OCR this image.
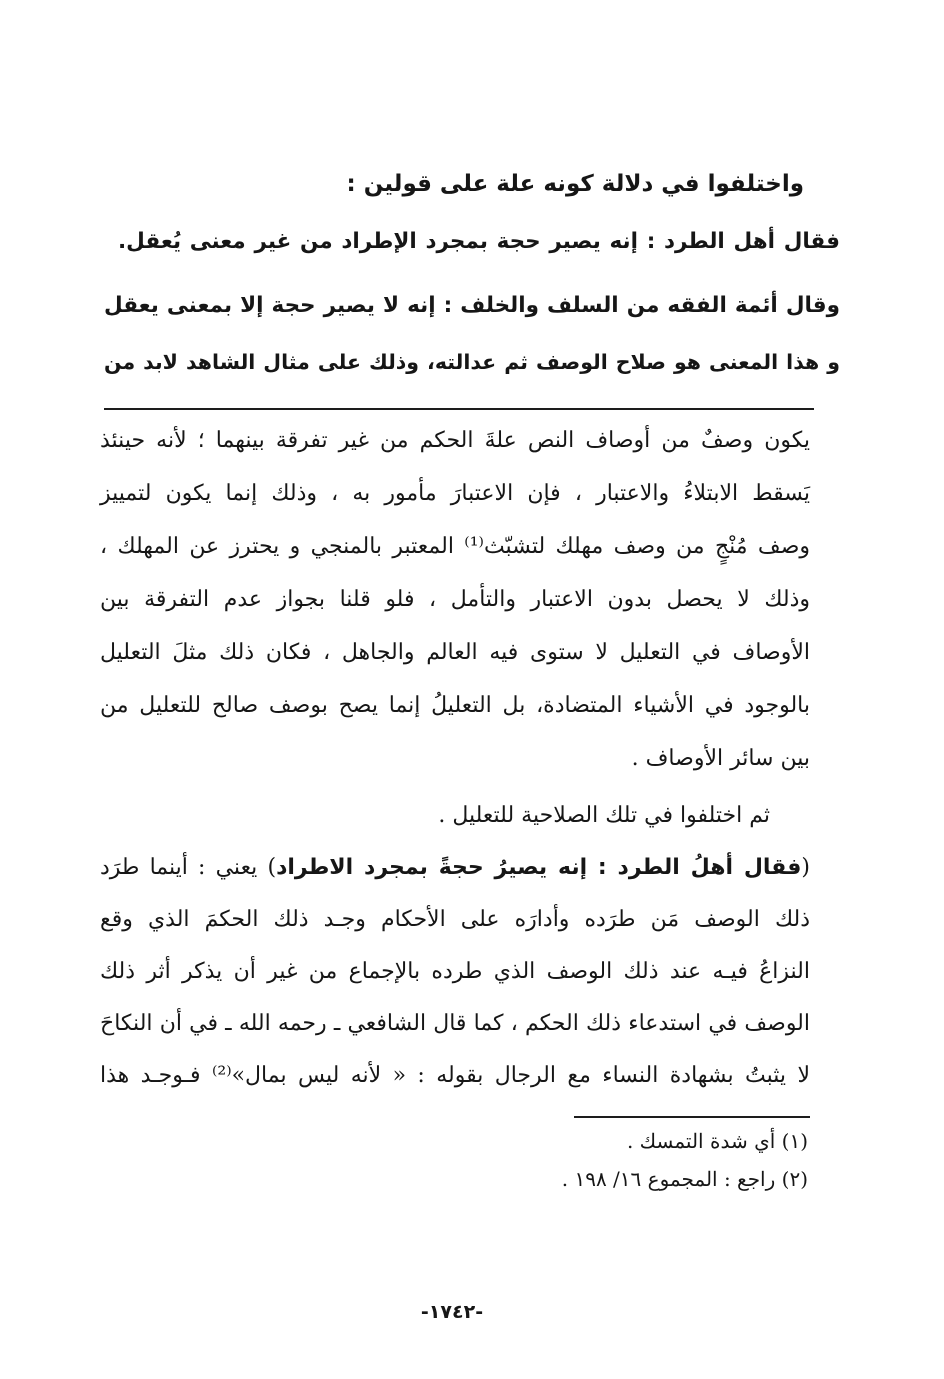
واختلفوا في دلالة كونه علة على قولين :

فقال أهل الطرد : إنه يصير حجة بمجرد الإطراد من غير معنى يُعقل.

وقال أئمة الفقه من السلف والخلف : إنه لا يصير حجة إلا بمعنى يعقل

و هذا المعنى هو صلاح الوصف ثم عدالته، وذلك على مثال الشاهد لابد من

يكون وصفٌ من أوصاف النص علةَ الحكم من غير تفرقة بينهما ؛ لأنه حينئذ

يَسقط الابتلاءُ والاعتبار ، فإن الاعتبارَ مأمور به ، وذلك إنما يكون لتمييز

وصف مُنْجٍ من وصف مهلك لتشبّث⁽¹⁾ المعتبر بالمنجي و يحترز عن المهلك ،

وذلك لا يحصل بدون الاعتبار والتأمل ، فلو قلنا بجواز عدم التفرقة بين

الأوصاف في التعليل لا ستوى فيه العالم والجاهل ، فكان ذلك مثلَ التعليل

بالوجود في الأشياء المتضادة، بل التعليلُ إنما يصح بوصف صالح للتعليل من

بين سائر الأوصاف .

ثم اختلفوا في تلك الصلاحية للتعليل .

(فقال أهلُ الطرد : إنه يصيرُ حجةً بمجرد الاطراد) يعني : أينما طرَد

ذلك الوصف مَن طرَده وأدارَه على الأحكام وجـد ذلك الحكمَ الذي وقع

النزاعُ فيـه عند ذلك الوصف الذي طرده بالإجماع من غير أن يذكر أثر ذلك

الوصف في استدعاء ذلك الحكم ، كما قال الشافعي ـ رحمه الله ـ في أن النكاحَ

لا يثبتُ بشهادة النساء مع الرجال بقوله : « لأنه ليس بمال»⁽²⁾ فـوجـد هذا

(١) أي شدة التمسك .

(٢) راجع : المجموع ١٦/ ١٩٨ .

-١٧٤٢-
